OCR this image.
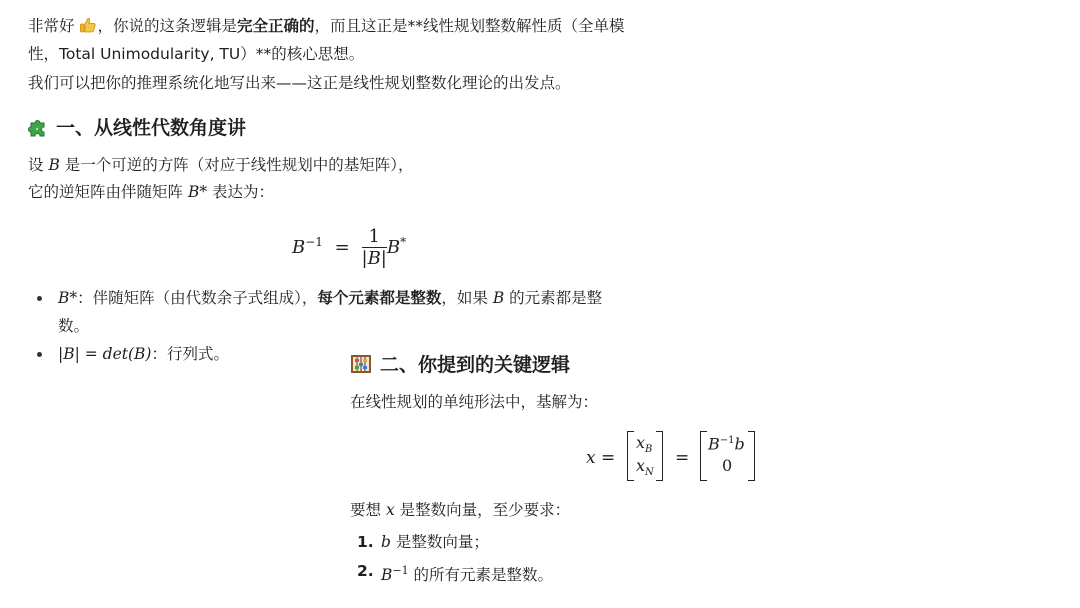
非常好 ，你说的这条逻辑是完全正确的，而且这正是**线性规划整数解性质（全单模
性，Total Unimodularity, TU）**的核心思想。
我们可以把你的推理系统化地写出来——这正是线性规划整数化理论的出发点。
一、从线性代数角度讲
设 B 是一个可逆的方阵（对应于线性规划中的基矩阵），
它的逆矩阵由伴随矩阵 B* 表达为：
$B^{-1} = \frac{1}{|B|} B^*$
B*：伴随矩阵（由代数余子式组成），每个元素都是整数，如果 B 的元素都是整
数。
|B| = det(B)：行列式。	二、你提到的关键逻辑
在线性规划的单纯形法中，基解为：
x =
$x_B$
$x_N$
=
$B^{-1}b$
0
要想 x 是整数向量，至少要求：
1. b 是整数向量；
2. $B^{-1}$ 的所有元素是整数。
